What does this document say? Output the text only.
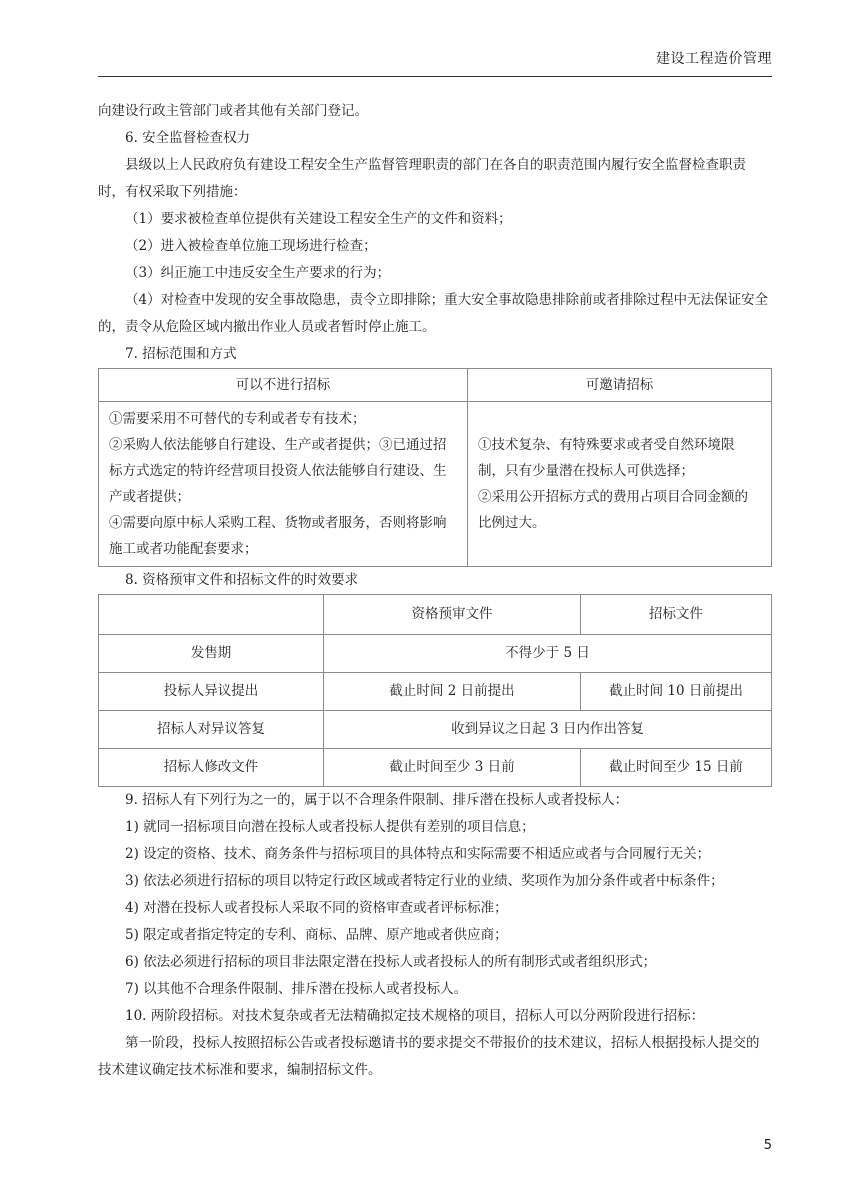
建设工程造价管理

向建设行政主管部门或者其他有关部门登记。

6. 安全监督检查权力

县级以上人民政府负有建设工程安全生产监督管理职责的部门在各自的职责范围内履行安全监督检查职责时，有权采取下列措施：

（1）要求被检查单位提供有关建设工程安全生产的文件和资料；

（2）进入被检查单位施工现场进行检查；

（3）纠正施工中违反安全生产要求的行为；

（4）对检查中发现的安全事故隐患，责令立即排除；重大安全事故隐患排除前或者排除过程中无法保证安全的，责令从危险区域内撤出作业人员或者暂时停止施工。

7. 招标范围和方式

可以不进行招标	可邀请招标

①需要采用不可替代的专利或者专有技术；
②采购人依法能够自行建设、生产或者提供；③已通过招标方式选定的特许经营项目投资人依法能够自行建设、生产或者提供；
④需要向原中标人采购工程、货物或者服务，否则将影响施工或者功能配套要求；	①技术复杂、有特殊要求或者受自然环境限制，只有少量潜在投标人可供选择；
②采用公开招标方式的费用占项目合同金额的比例过大。

8. 资格预审文件和招标文件的时效要求

	资格预审文件	招标文件
发售期	不得少于 5 日	
投标人异议提出	截止时间 2 日前提出	截止时间 10 日前提出
招标人对异议答复	收到异议之日起 3 日内作出答复	
招标人修改文件	截止时间至少 3 日前	截止时间至少 15 日前

9. 招标人有下列行为之一的，属于以不合理条件限制、排斥潜在投标人或者投标人：

1) 就同一招标项目向潜在投标人或者投标人提供有差别的项目信息；

2) 设定的资格、技术、商务条件与招标项目的具体特点和实际需要不相适应或者与合同履行无关；

3) 依法必须进行招标的项目以特定行政区域或者特定行业的业绩、奖项作为加分条件或者中标条件；

4) 对潜在投标人或者投标人采取不同的资格审查或者评标标准；

5) 限定或者指定特定的专利、商标、品牌、原产地或者供应商；

6) 依法必须进行招标的项目非法限定潜在投标人或者投标人的所有制形式或者组织形式；

7) 以其他不合理条件限制、排斥潜在投标人或者投标人。

10. 两阶段招标。对技术复杂或者无法精确拟定技术规格的项目，招标人可以分两阶段进行招标：

第一阶段，投标人按照招标公告或者投标邀请书的要求提交不带报价的技术建议，招标人根据投标人提交的技术建议确定技术标准和要求，编制招标文件。

5
